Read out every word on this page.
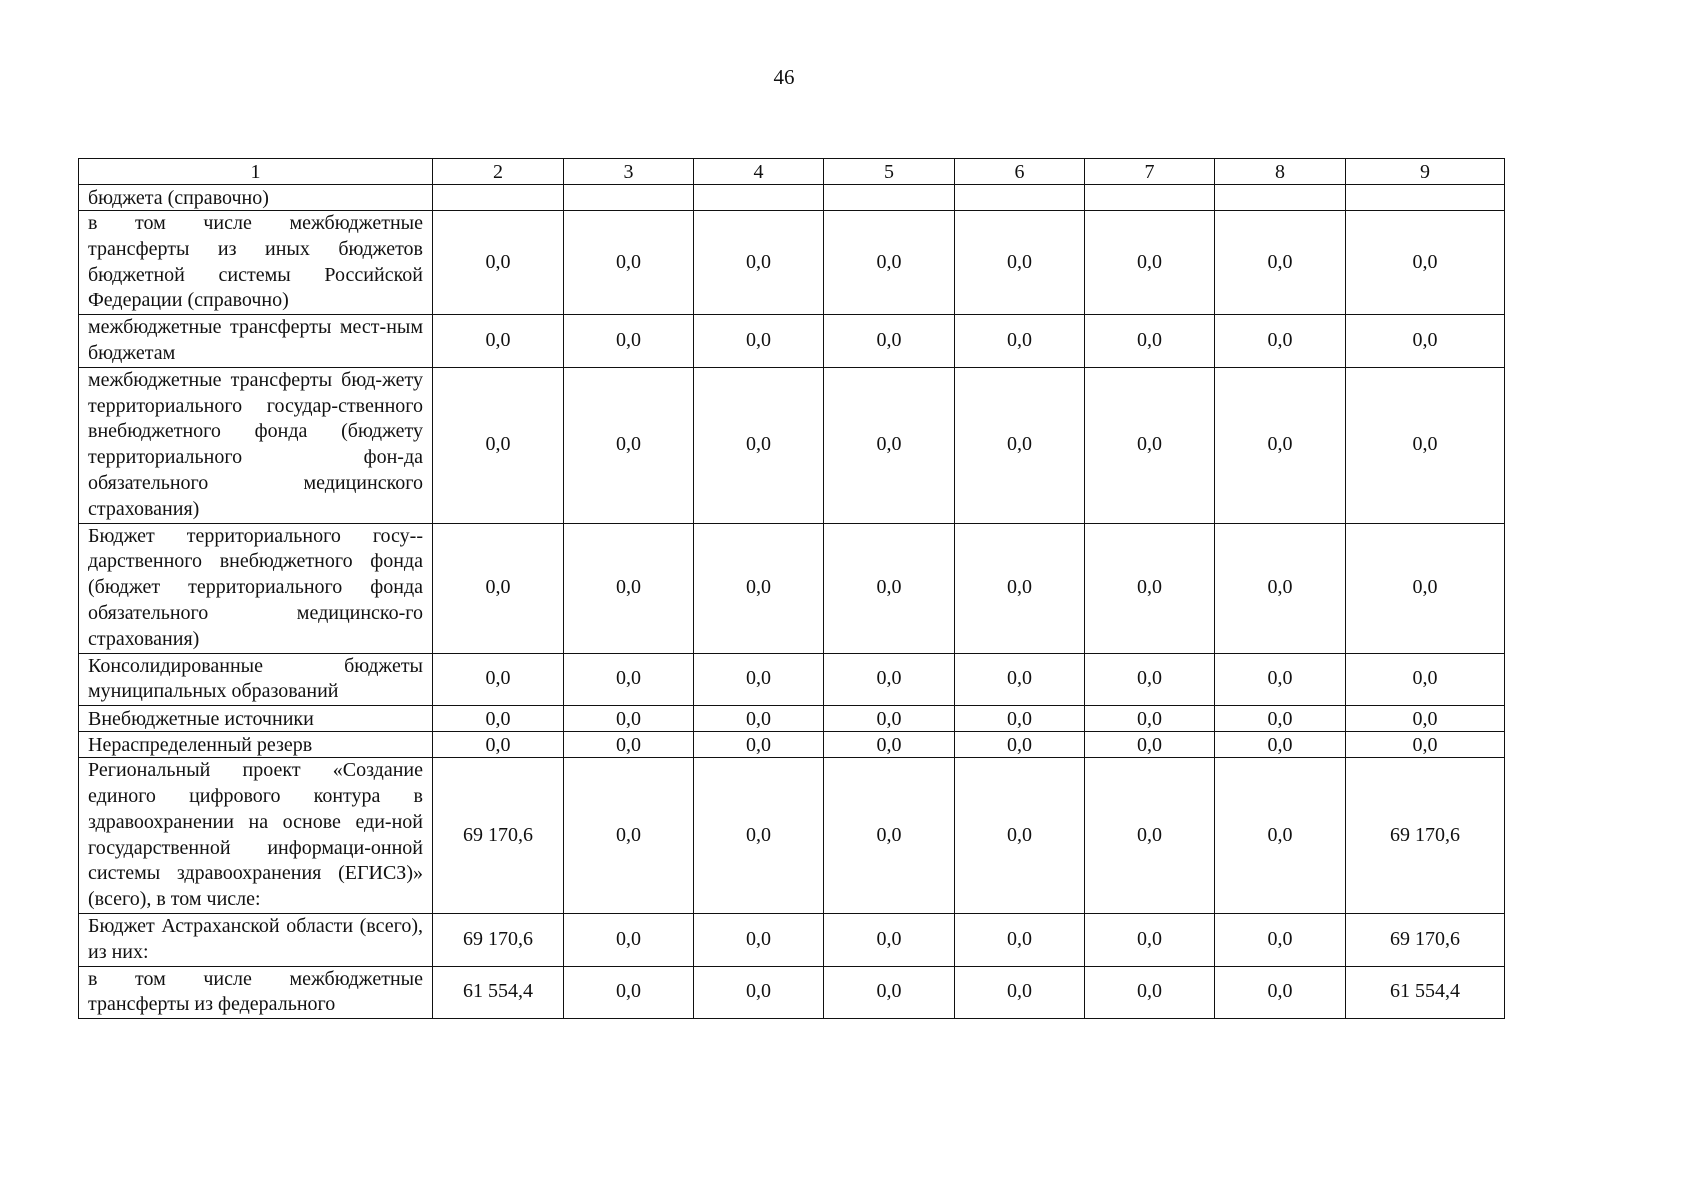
46
1	2	3	4	5	6	7	8	9
бюджета (справочно)								
в том числе межбюджетные трансферты из иных бюджетов бюджетной системы Российской Федерации (справочно)	0,0	0,0	0,0	0,0	0,0	0,0	0,0	0,0
межбюджетные трансферты мест-ным бюджетам	0,0	0,0	0,0	0,0	0,0	0,0	0,0	0,0
межбюджетные трансферты бюд-жету территориального государ-ственного внебюджетного фонда (бюджету территориального фон-да обязательного медицинского страхования)	0,0	0,0	0,0	0,0	0,0	0,0	0,0	0,0
Бюджет территориального госу-дарственного внебюджетного фонда (бюджет территориального фонда обязательного медицинско-го страхования)	0,0	0,0	0,0	0,0	0,0	0,0	0,0	0,0
Консолидированные бюджеты муниципальных образований	0,0	0,0	0,0	0,0	0,0	0,0	0,0	0,0
Внебюджетные источники	0,0	0,0	0,0	0,0	0,0	0,0	0,0	0,0
Нераспределенный резерв	0,0	0,0	0,0	0,0	0,0	0,0	0,0	0,0
Региональный проект «Создание единого цифрового контура в здравоохранении на основе еди-ной государственной информаци-онной системы здравоохранения (ЕГИСЗ)» (всего), в том числе:	69 170,6	0,0	0,0	0,0	0,0	0,0	0,0	69 170,6
Бюджет Астраханской области (всего), из них:	69 170,6	0,0	0,0	0,0	0,0	0,0	0,0	69 170,6
в том числе межбюджетные трансферты из федерального	61 554,4	0,0	0,0	0,0	0,0	0,0	0,0	61 554,4
